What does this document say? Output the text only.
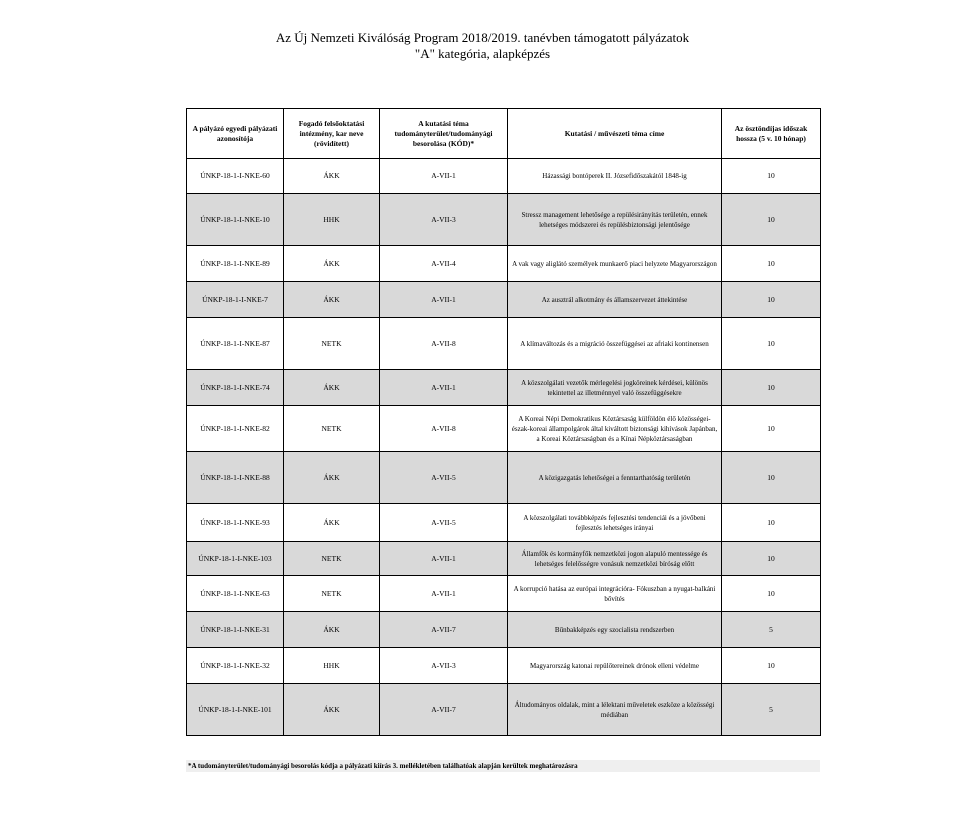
Az Új Nemzeti Kiválóság Program 2018/2019. tanévben támogatott pályázatok
"A" kategória, alapképzés
A pályázó egyedi pályázati azonosítója	Fogadó felsőoktatási intézmény, kar neve (rövidített)	A kutatási téma tudományterület/tudományági besorolása (KÓD)*	Kutatási / művészeti téma címe	Az ösztöndíjas időszak hossza (5 v. 10 hónap)
ÚNKP-18-1-I-NKE-60	ÁKK	A-VII-1	Házassági bontóperek II. Józsefidőszakától 1848-ig	10
ÚNKP-18-1-I-NKE-10	HHK	A-VII-3	Stressz management lehetősége a repülésirányítás területén, ennek lehetséges módszerei és repülésbiztonsági jelentősége	10
ÚNKP-18-1-I-NKE-89	ÁKK	A-VII-4	A vak vagy aliglátó személyek munkaerő piaci helyzete Magyarországon	10
ÚNKP-18-1-I-NKE-7	ÁKK	A-VII-1	Az ausztrál alkotmány és államszervezet áttekintése	10
ÚNKP-18-1-I-NKE-87	NETK	A-VII-8	A klímaváltozás és a migráció összefüggései az afriaki kontinensen	10
ÚNKP-18-1-I-NKE-74	ÁKK	A-VII-1	A közszolgálati vezetők mérlegelési jogköreinek kérdései, különös tekintettel az illetménnyel való összefüggésekre	10
ÚNKP-18-1-I-NKE-82	NETK	A-VII-8	A Koreai Népi Demokratikus Köztársaság külföldön élő közösségei- észak-koreai állampolgárok által kiváltott biztonsági kihívások Japánban, a Koreai Köztársaságban és a Kínai Népköztársaságban	10
ÚNKP-18-1-I-NKE-88	ÁKK	A-VII-5	A közigazgatás lehetőségei a fenntarthatóság területén	10
ÚNKP-18-1-I-NKE-93	ÁKK	A-VII-5	A közszolgálati továbbképzés fejlesztési tendenciái és a jövőbeni fejlesztés lehetséges irányai	10
ÚNKP-18-1-I-NKE-103	NETK	A-VII-1	Államfők és kormányfők nemzetközi jogon alapuló mentessége és lehetséges felelősségre vonásuk nemzetközi bíróság előtt	10
ÚNKP-18-1-I-NKE-63	NETK	A-VII-1	A korrupció hatása az európai integrációra- Fókuszban a nyugat-balkáni bővítés	10
ÚNKP-18-1-I-NKE-31	ÁKK	A-VII-7	Bűnbakképzés egy szocialista rendszerben	5
ÚNKP-18-1-I-NKE-32	HHK	A-VII-3	Magyarország katonai repülőtereinek drónok elleni védelme	10
ÚNKP-18-1-I-NKE-101	ÁKK	A-VII-7	Áltudományos oldalak, mint a lélektani műveletek eszköze a közösségi médiában	5
*A tudományterület/tudományági besorolás kódja a pályázati kiírás 3. mellékletében találhatóak alapján kerültek meghatározásra
